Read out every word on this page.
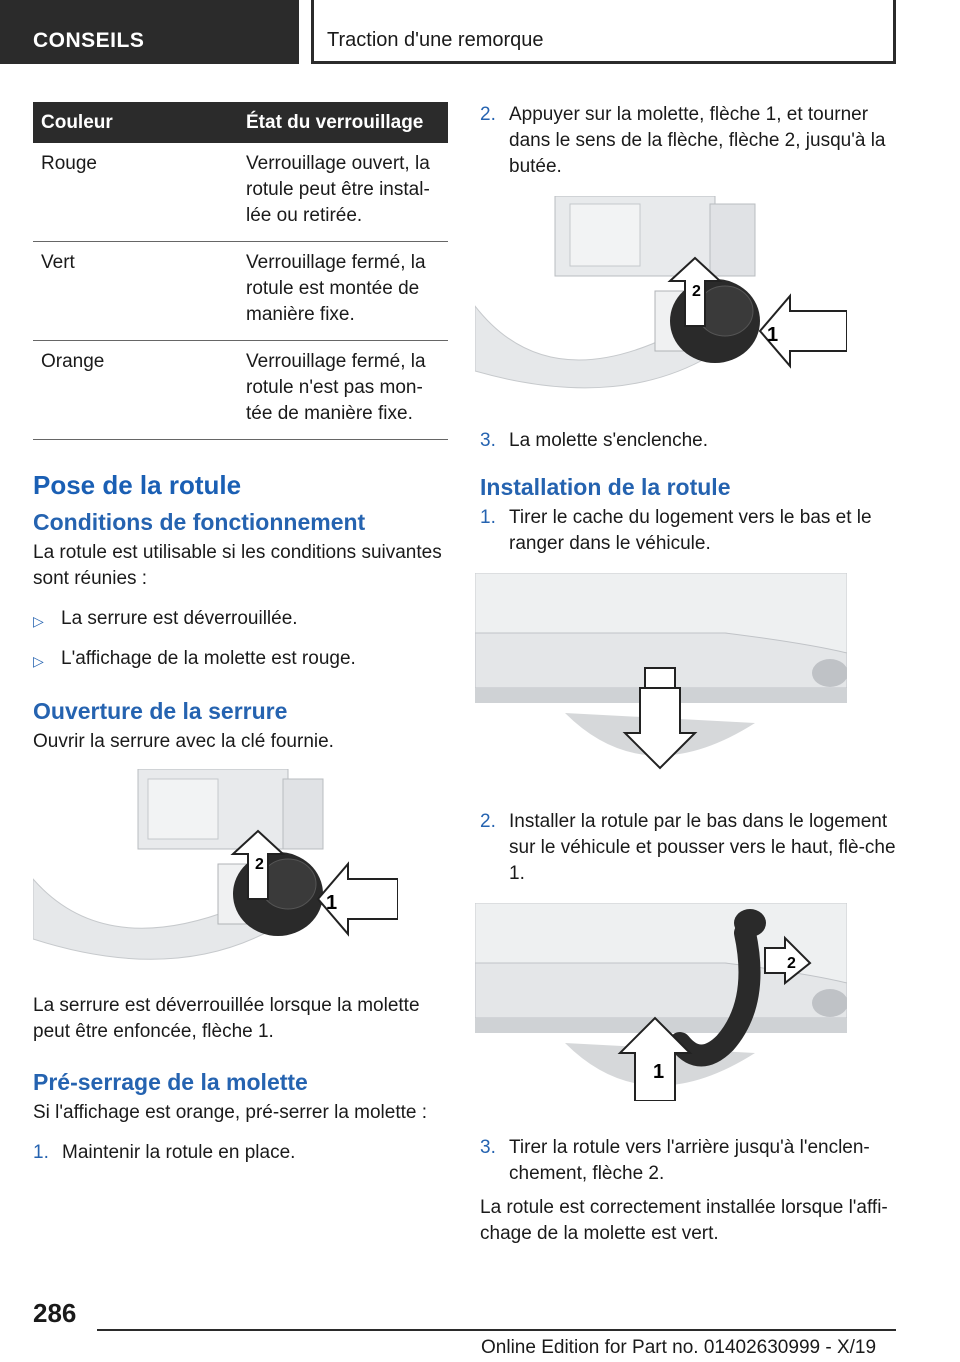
CONSEILS	Traction d'une remorque
Couleur	État du verrouillage
Rouge	Verrouillage ouvert, la rotule peut être instal-lée ou retirée.
Vert	Verrouillage fermé, la rotule est montée de manière fixe.
Orange	Verrouillage fermé, la rotule n'est pas mon-tée de manière fixe.
Pose de la rotule
Conditions de fonctionnement

La rotule est utilisable si les conditions suivantes sont réunies :

▷ La serrure est déverrouillée.
▷ L'affichage de la molette est rouge.
Ouverture de la serrure

Ouvrir la serrure avec la clé fournie.

1
2

La serrure est déverrouillée lorsque la molette peut être enfoncée, flèche 1.

Pré-serrage de la molette

Si l'affichage est orange, pré-serrer la molette :

1. Maintenir la rotule en place.
2. Appuyer sur la molette, flèche 1, et tourner dans le sens de la flèche, flèche 2, jusqu'à la butée.
1
2
3. La molette s'enclenche.
Installation de la rotule
1. Tirer le cache du logement vers le bas et le ranger dans le véhicule.
2. Installer la rotule par le bas dans le logement sur le véhicule et pousser vers le haut, flè-che 1.
1
2
3. Tirer la rotule vers l'arrière jusqu'à l'enclen-chement, flèche 2.

La rotule est correctement installée lorsque l'affi-chage de la molette est vert.

286
Online Edition for Part no. 01402630999 - X/19
